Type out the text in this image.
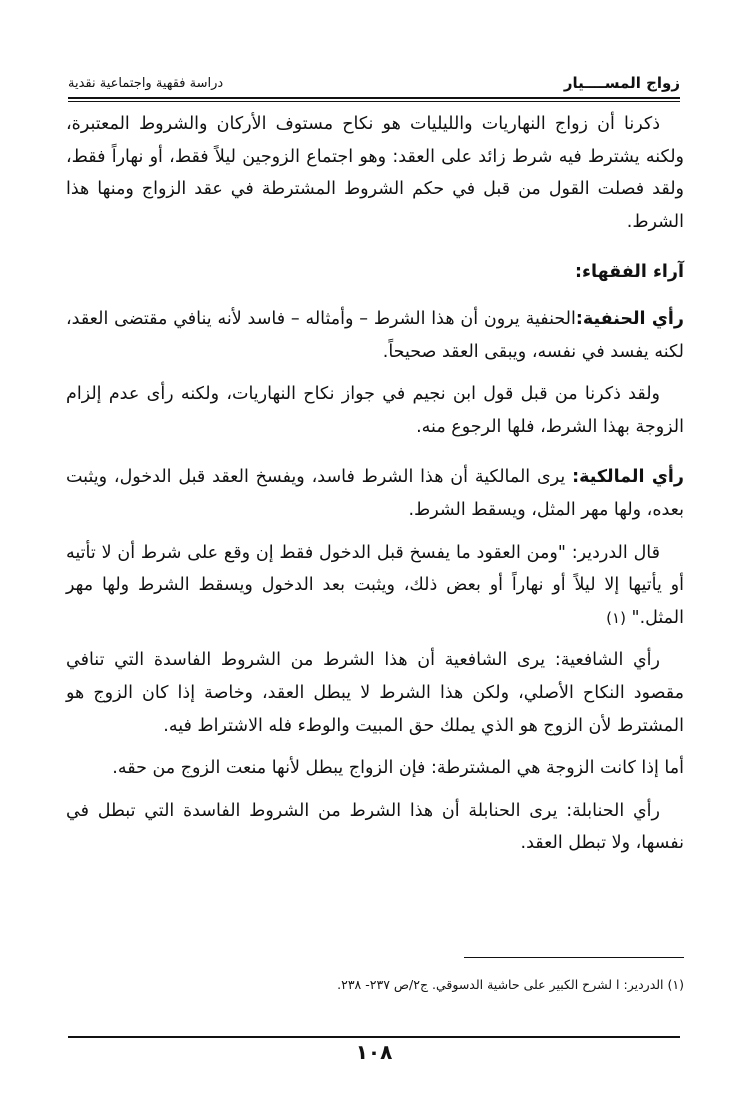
زواج المســــيار
دراسة فقهية واجتماعية نقدية

ذكرنا أن زواج النهاريات والليليات هو نكاح مستوف الأركان والشروط المعتبرة، ولكنه يشترط فيه شرط زائد على العقد: وهو اجتماع الزوجين ليلاً فقط، أو نهاراً فقط، ولقد فصلت القول من قبل في حكم الشروط المشترطة في عقد الزواج ومنها هذا الشرط.

آراء الفقهاء:

رأي الحنفية:الحنفية يرون أن هذا الشرط – وأمثاله – فاسد لأنه ينافي مقتضى العقد، لكنه يفسد في نفسه، ويبقى العقد صحيحاً.

ولقد ذكرنا من قبل قول ابن نجيم في جواز نكاح النهاريات، ولكنه رأى عدم إلزام الزوجة بهذا الشرط، فلها الرجوع منه.

رأي المالكية: يرى المالكية أن هذا الشرط فاسد، ويفسخ العقد قبل الدخول، ويثبت بعده، ولها مهر المثل، ويسقط الشرط.

قال الدردير: "ومن العقود ما يفسخ قبل الدخول فقط إن وقع على شرط أن لا تأتيه أو يأتيها إلا ليلاً أو نهاراً أو بعض ذلك، ويثبت بعد الدخول ويسقط الشرط ولها مهر المثل." (١)

رأي الشافعية: يرى الشافعية أن هذا الشرط من الشروط الفاسدة التي تنافي مقصود النكاح الأصلي، ولكن هذا الشرط لا يبطل العقد، وخاصة إذا كان الزوج هو المشترط لأن الزوج هو الذي يملك حق المبيت والوطء فله الاشتراط فيه.

أما إذا كانت الزوجة هي المشترطة: فإن الزواج يبطل لأنها منعت الزوج من حقه.

رأي الحنابلة: يرى الحنابلة أن هذا الشرط من الشروط الفاسدة التي تبطل في نفسها، ولا تبطل العقد.

(١) الدردير: ا لشرح الكبير على حاشية الدسوقي. ج٢/ص ٢٣٧- ٢٣٨.
١٠٨
